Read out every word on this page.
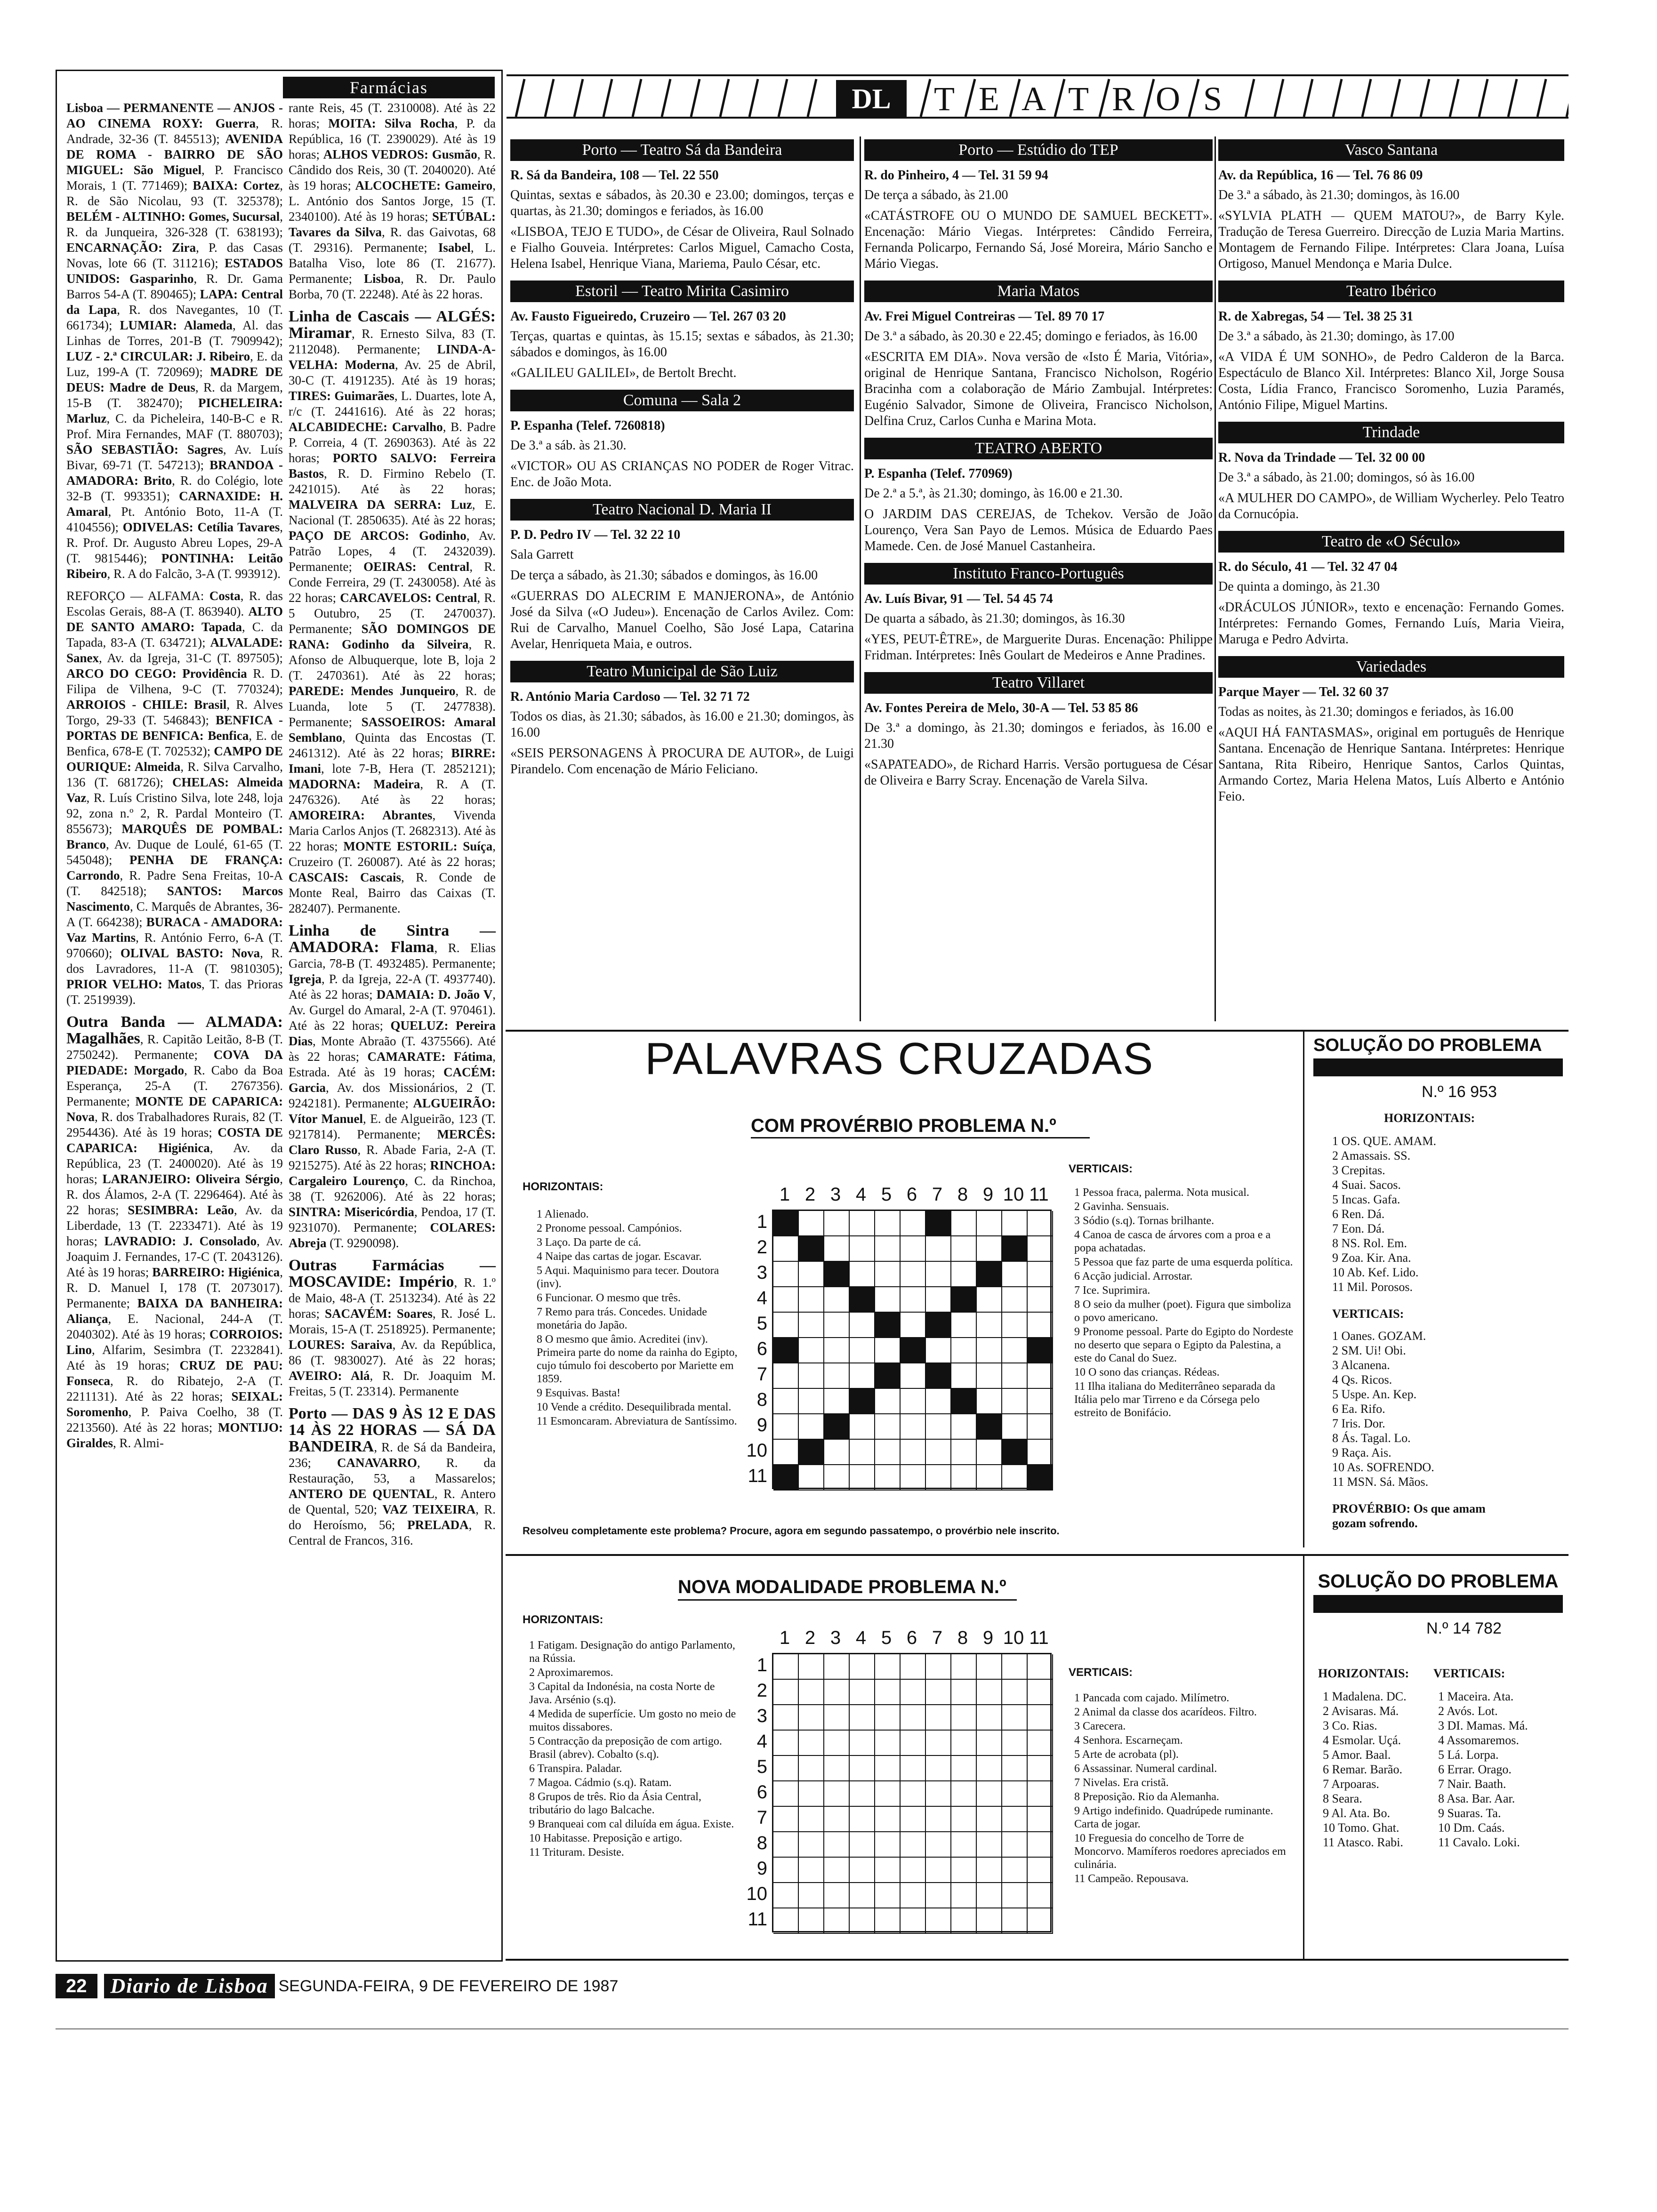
Farmácias

Lisboa — PERMANENTE — ANJOS - AO CINEMA ROXY: Guerra, R. Andrade, 32-36 (T. 845513); AVENIDA DE ROMA - BAIRRO DE SÃO MIGUEL: São Miguel, P. Francisco Morais, 1 (T. 771469); BAIXA: Cortez, R. de São Nicolau, 93 (T. 325378); BELÉM - ALTINHO: Gomes, Sucursal, R. da Junqueira, 326-328 (T. 638193); ENCARNAÇÃO: Zira, P. das Casas Novas, lote 66 (T. 311216); ESTADOS UNIDOS: Gasparinho, R. Dr. Gama Barros 54-A (T. 890465); LAPA: Central da Lapa, R. dos Navegantes, 10 (T. 661734); LUMIAR: Alameda, Al. das Linhas de Torres, 201-B (T. 7909942); LUZ - 2.ª CIRCULAR: J. Ribeiro, E. da Luz, 199-A (T. 720969); MADRE DE DEUS: Madre de Deus, R. da Margem, 15-B (T. 382470); PICHELEIRA: Marluz, C. da Picheleira, 140-B-C e R. Prof. Mira Fernandes, MAF (T. 880703); SÃO SEBASTIÃO: Sagres, Av. Luís Bivar, 69-71 (T. 547213); BRANDOA - AMADORA: Brito, R. do Colégio, lote 32-B (T. 993351); CARNAXIDE: H. Amaral, Pt. António Boto, 11-A (T. 4104556); ODIVELAS: Cetília Tavares, R. Prof. Dr. Augusto Abreu Lopes, 29-A (T. 9815446); PONTINHA: Leitão Ribeiro, R. A do Falcão, 3-A (T. 993912).

REFORÇO — ALFAMA: Costa, R. das Escolas Gerais, 88-A (T. 863940). ALTO DE SANTO AMARO: Tapada, C. da Tapada, 83-A (T. 634721); ALVALADE: Sanex, Av. da Igreja, 31-C (T. 897505); ARCO DO CEGO: Providência R. D. Filipa de Vilhena, 9-C (T. 770324); ARROIOS - CHILE: Brasil, R. Alves Torgo, 29-33 (T. 546843); BENFICA - PORTAS DE BENFICA: Benfica, E. de Benfica, 678-E (T. 702532); CAMPO DE OURIQUE: Almeida, R. Silva Carvalho, 136 (T. 681726); CHELAS: Almeida Vaz, R. Luís Cristino Silva, lote 248, loja 92, zona n.º 2, R. Pardal Monteiro (T. 855673); MARQUÊS DE POMBAL: Branco, Av. Duque de Loulé, 61-65 (T. 545048); PENHA DE FRANÇA: Carrondo, R. Padre Sena Freitas, 10-A (T. 842518); SANTOS: Marcos Nascimento, C. Marquês de Abrantes, 36-A (T. 664238); BURACA - AMADORA: Vaz Martins, R. António Ferro, 6-A (T. 970660); OLIVAL BASTO: Nova, R. dos Lavradores, 11-A (T. 9810305); PRIOR VELHO: Matos, T. das Prioras (T. 2519939).

Outra Banda — ALMADA: Magalhães, R. Capitão Leitão, 8-B (T. 2750242). Permanente; COVA DA PIEDADE: Morgado, R. Cabo da Boa Esperança, 25-A (T. 2767356). Permanente; MONTE DE CAPARICA: Nova, R. dos Trabalhadores Rurais, 82 (T. 2954436). Até às 19 horas; COSTA DE CAPARICA: Higiénica, Av. da República, 23 (T. 2400020). Até às 19 horas; LARANJEIRO: Oliveira Sérgio, R. dos Álamos, 2-A (T. 2296464). Até às 22 horas; SESIMBRA: Leão, Av. da Liberdade, 13 (T. 2233471). Até às 19 horas; LAVRADIO: J. Consolado, Av. Joaquim J. Fernandes, 17-C (T. 2043126). Até às 19 horas; BARREIRO: Higiénica, R. D. Manuel I, 178 (T. 2073017). Permanente; BAIXA DA BANHEIRA: Aliança, E. Nacional, 244-A (T. 2040302). Até às 19 horas; CORROIOS: Lino, Alfarim, Sesimbra (T. 2232841). Até às 19 horas; CRUZ DE PAU: Fonseca, R. do Ribatejo, 2-A (T. 2211131). Até às 22 horas; SEIXAL: Soromenho, P. Paiva Coelho, 38 (T. 2213560). Até às 22 horas; MONTIJO: Giraldes, R. Almi-

rante Reis, 45 (T. 2310008). Até às 22 horas; MOITA: Silva Rocha, P. da República, 16 (T. 2390029). Até às 19 horas; ALHOS VEDROS: Gusmão, R. Cândido dos Reis, 30 (T. 2040020). Até às 19 horas; ALCOCHETE: Gameiro, L. António dos Santos Jorge, 15 (T. 2340100). Até às 19 horas; SETÚBAL: Tavares da Silva, R. das Gaivotas, 68 (T. 29316). Permanente; Isabel, L. Batalha Viso, lote 86 (T. 21677). Permanente; Lisboa, R. Dr. Paulo Borba, 70 (T. 22248). Até às 22 horas.

Linha de Cascais — ALGÉS: Miramar, R. Ernesto Silva, 83 (T. 2112048). Permanente; LINDA-A-VELHA: Moderna, Av. 25 de Abril, 30-C (T. 4191235). Até às 19 horas; TIRES: Guimarães, L. Duartes, lote A, r/c (T. 2441616). Até às 22 horas; ALCABIDECHE: Carvalho, B. Padre P. Correia, 4 (T. 2690363). Até às 22 horas; PORTO SALVO: Ferreira Bastos, R. D. Firmino Rebelo (T. 2421015). Até às 22 horas; MALVEIRA DA SERRA: Luz, E. Nacional (T. 2850635). Até às 22 horas; PAÇO DE ARCOS: Godinho, Av. Patrão Lopes, 4 (T. 2432039). Permanente; OEIRAS: Central, R. Conde Ferreira, 29 (T. 2430058). Até às 22 horas; CARCAVELOS: Central, R. 5 Outubro, 25 (T. 2470037). Permanente; SÃO DOMINGOS DE RANA: Godinho da Silveira, R. Afonso de Albuquerque, lote B, loja 2 (T. 2470361). Até às 22 horas; PAREDE: Mendes Junqueiro, R. de Luanda, lote 5 (T. 2477838). Permanente; SASSOEIROS: Amaral Semblano, Quinta das Encostas (T. 2461312). Até às 22 horas; BIRRE: Imani, lote 7-B, Hera (T. 2852121); MADORNA: Madeira, R. A (T. 2476326). Até às 22 horas; AMOREIRA: Abrantes, Vivenda Maria Carlos Anjos (T. 2682313). Até às 22 horas; MONTE ESTORIL: Suíça, Cruzeiro (T. 260087). Até às 22 horas; CASCAIS: Cascais, R. Conde de Monte Real, Bairro das Caixas (T. 282407). Permanente.

Linha de Sintra — AMADORA: Flama, R. Elias Garcia, 78-B (T. 4932485). Permanente; Igreja, P. da Igreja, 22-A (T. 4937740). Até às 22 horas; DAMAIA: D. João V, Av. Gurgel do Amaral, 2-A (T. 970461). Até às 22 horas; QUELUZ: Pereira Dias, Monte Abraão (T. 4375566). Até às 22 horas; CAMARATE: Fátima, Estrada. Até às 19 horas; CACÉM: Garcia, Av. dos Missionários, 2 (T. 9242181). Permanente; ALGUEIRÃO: Vítor Manuel, E. de Algueirão, 123 (T. 9217814). Permanente; MERCÊS: Claro Russo, R. Abade Faria, 2-A (T. 9215275). Até às 22 horas; RINCHOA: Cargaleiro Lourenço, C. da Rinchoa, 38 (T. 9262006). Até às 22 horas; SINTRA: Misericórdia, Pendoa, 17 (T. 9231070). Permanente; COLARES: Abreja (T. 9290098).

Outras Farmácias — MOSCAVIDE: Império, R. 1.º de Maio, 48-A (T. 2513234). Até às 22 horas; SACAVÉM: Soares, R. José L. Morais, 15-A (T. 2518925). Permanente; LOURES: Saraiva, Av. da República, 86 (T. 9830027). Até às 22 horas; AVEIRO: Alá, R. Dr. Joaquim M. Freitas, 5 (T. 23314). Permanente

Porto — DAS 9 ÀS 12 E DAS 14 ÀS 22 HORAS — SÁ DA BANDEIRA, R. de Sá da Bandeira, 236; CANAVARRO, R. da Restauração, 53, a Massarelos; ANTERO DE QUENTAL, R. Antero de Quental, 520; VAZ TEIXEIRA, R. do Heroísmo, 56; PRELADA, R. Central de Francos, 316.

DL T E A T R O S
Porto — Teatro Sá da Bandeira
R. Sá da Bandeira, 108 — Tel. 22 550
Quintas, sextas e sábados, às 20.30 e 23.00; domingos, terças e quartas, às 21.30; domingos e feriados, às 16.00
«LISBOA, TEJO E TUDO», de César de Oliveira, Raul Solnado e Fialho Gouveia. Intérpretes: Carlos Miguel, Camacho Costa, Helena Isabel, Henrique Viana, Mariema, Paulo César, etc.
Estoril — Teatro Mirita Casimiro
Av. Fausto Figueiredo, Cruzeiro — Tel. 267 03 20
Terças, quartas e quintas, às 15.15; sextas e sábados, às 21.30; sábados e domingos, às 16.00
«GALILEU GALILEI», de Bertolt Brecht.
Comuna — Sala 2
P. Espanha (Telef. 7260818)
De 3.ª a sáb. às 21.30.
«VICTOR» OU AS CRIANÇAS NO PODER de Roger Vitrac. Enc. de João Mota.
Teatro Nacional D. Maria II
P. D. Pedro IV — Tel. 32 22 10
Sala Garrett
De terça a sábado, às 21.30; sábados e domingos, às 16.00
«GUERRAS DO ALECRIM E MANJERONA», de António José da Silva («O Judeu»). Encenação de Carlos Avilez. Com: Rui de Carvalho, Manuel Coelho, São José Lapa, Catarina Avelar, Henriqueta Maia, e outros.
Teatro Municipal de São Luiz
R. António Maria Cardoso — Tel. 32 71 72
Todos os dias, às 21.30; sábados, às 16.00 e 21.30; domingos, às 16.00
«SEIS PERSONAGENS À PROCURA DE AUTOR», de Luigi Pirandelo. Com encenação de Mário Feliciano.
Porto — Estúdio do TEP
R. do Pinheiro, 4 — Tel. 31 59 94
De terça a sábado, às 21.00
«CATÁSTROFE OU O MUNDO DE SAMUEL BECKETT». Encenação: Mário Viegas. Intérpretes: Cândido Ferreira, Fernanda Policarpo, Fernando Sá, José Moreira, Mário Sancho e Mário Viegas.
Maria Matos
Av. Frei Miguel Contreiras — Tel. 89 70 17
De 3.ª a sábado, às 20.30 e 22.45; domingo e feriados, às 16.00
«ESCRITA EM DIA». Nova versão de «Isto É Maria, Vitória», original de Henrique Santana, Francisco Nicholson, Rogério Bracinha com a colaboração de Mário Zambujal. Intérpretes: Eugénio Salvador, Simone de Oliveira, Francisco Nicholson, Delfina Cruz, Carlos Cunha e Marina Mota.
TEATRO ABERTO
P. Espanha (Telef. 770969)
De 2.ª a 5.ª, às 21.30; domingo, às 16.00 e 21.30.
O JARDIM DAS CEREJAS, de Tchekov. Versão de João Lourenço, Vera San Payo de Lemos. Música de Eduardo Paes Mamede. Cen. de José Manuel Castanheira.
Instituto Franco-Português
Av. Luís Bivar, 91 — Tel. 54 45 74
De quarta a sábado, às 21.30; domingos, às 16.30
«YES, PEUT-ÊTRE», de Marguerite Duras. Encenação: Philippe Fridman. Intérpretes: Inês Goulart de Medeiros e Anne Pradines.
Teatro Villaret
Av. Fontes Pereira de Melo, 30-A — Tel. 53 85 86
De 3.ª a domingo, às 21.30; domingos e feriados, às 16.00 e 21.30
«SAPATEADO», de Richard Harris. Versão portuguesa de César de Oliveira e Barry Scray. Encenação de Varela Silva.
Vasco Santana
Av. da República, 16 — Tel. 76 86 09
De 3.ª a sábado, às 21.30; domingos, às 16.00
«SYLVIA PLATH — QUEM MATOU?», de Barry Kyle. Tradução de Teresa Guerreiro. Direcção de Luzia Maria Martins. Montagem de Fernando Filipe. Intérpretes: Clara Joana, Luísa Ortigoso, Manuel Mendonça e Maria Dulce.
Teatro Ibérico
R. de Xabregas, 54 — Tel. 38 25 31
De 3.ª a sábado, às 21.30; domingo, às 17.00
«A VIDA É UM SONHO», de Pedro Calderon de la Barca. Espectáculo de Blanco Xil. Intérpretes: Blanco Xil, Jorge Sousa Costa, Lídia Franco, Francisco Soromenho, Luzia Paramés, António Filipe, Miguel Martins.
Trindade
R. Nova da Trindade — Tel. 32 00 00
De 3.ª a sábado, às 21.00; domingos, só às 16.00
«A MULHER DO CAMPO», de William Wycherley. Pelo Teatro da Cornucópia.
Teatro de «O Século»
R. do Século, 41 — Tel. 32 47 04
De quinta a domingo, às 21.30
«DRÁCULOS JÚNIOR», texto e encenação: Fernando Gomes. Intérpretes: Fernando Gomes, Fernando Luís, Maria Vieira, Maruga e Pedro Advirta.
Variedades
Parque Mayer — Tel. 32 60 37
Todas as noites, às 21.30; domingos e feriados, às 16.00
«AQUI HÁ FANTASMAS», original em português de Henrique Santana. Encenação de Henrique Santana. Intérpretes: Henrique Santana, Rita Ribeiro, Henrique Santos, Carlos Quintas, Armando Cortez, Maria Helena Matos, Luís Alberto e António Feio.
PALAVRAS CRUZADAS
COM PROVÉRBIO PROBLEMA N.º
HORIZONTAIS:
1 Alienado.
2 Pronome pessoal. Campónios.
3 Laço. Da parte de cá.
4 Naipe das cartas de jogar. Escavar.
5 Aqui. Maquinismo para tecer. Doutora (inv).
6 Funcionar. O mesmo que três.
7 Remo para trás. Concedes. Unidade monetária do Japão.
8 O mesmo que âmio. Acreditei (inv). Primeira parte do nome da rainha do Egipto, cujo túmulo foi descoberto por Mariette em 1859.
9 Esquivas. Basta!
10 Vende a crédito. Desequilibrada mental.
11 Esmoncaram. Abreviatura de Santíssimo.
VERTICAIS:
1 Pessoa fraca, palerma. Nota musical.
2 Gavinha. Sensuais.
3 Sódio (s.q). Tornas brilhante.
4 Canoa de casca de árvores com a proa e a popa achatadas.
5 Pessoa que faz parte de uma esquerda política.
6 Acção judicial. Arrostar.
7 Ice. Suprimira.
8 O seio da mulher (poet). Figura que simboliza o povo americano.
9 Pronome pessoal. Parte do Egipto do Nordeste no deserto que separa o Egipto da Palestina, a este do Canal do Suez.
10 O sono das crianças. Rédeas.
11 Ilha italiana do Mediterrâneo separada da Itália pelo mar Tirreno e da Córsega pelo estreito de Bonifácio.
1 2 3 4 5 6 7 8 9 10 11
1
2
3
4
5
6
7
8
9
10
11
Resolveu completamente este problema? Procure, agora em segundo passatempo, o provérbio nele inscrito.
SOLUÇÃO DO PROBLEMA
N.º 16 953
HORIZONTAIS:
1 OS. QUE. AMAM.
2 Amassais. SS.
3 Crepitas.
4 Suai. Sacos.
5 Incas. Gafa.
6 Ren. Dá.
7 Eon. Dá.
8 NS. Rol. Em.
9 Zoa. Kir. Ana.
10 Ab. Kef. Lido.
11 Mil. Porosos.
VERTICAIS:
1 Oanes. GOZAM.
2 SM. Ui! Obi.
3 Alcanena.
4 Qs. Ricos.
5 Uspe. An. Kep.
6 Ea. Rifo.
7 Iris. Dor.
8 Ás. Tagal. Lo.
9 Raça. Ais.
10 As. SOFRENDO.
11 MSN. Sá. Mãos.
PROVÉRBIO: Os que amam gozam sofrendo.
NOVA MODALIDADE PROBLEMA N.º
HORIZONTAIS:
1 Fatigam. Designação do antigo Parlamento, na Rússia.
2 Aproximaremos.
3 Capital da Indonésia, na costa Norte de Java. Arsénio (s.q).
4 Medida de superfície. Um gosto no meio de muitos dissabores.
5 Contracção da preposição de com artigo. Brasil (abrev). Cobalto (s.q).
6 Transpira. Paladar.
7 Magoa. Cádmio (s.q). Ratam.
8 Grupos de três. Rio da Ásia Central, tributário do lago Balcache.
9 Branqueai com cal diluída em água. Existe.
10 Habitasse. Preposição e artigo.
11 Trituram. Desiste.
VERTICAIS:
1 Pancada com cajado. Milímetro.
2 Animal da classe dos acarídeos. Filtro.
3 Carecera.
4 Senhora. Escarneçam.
5 Arte de acrobata (pl).
6 Assassinar. Numeral cardinal.
7 Nivelas. Era cristã.
8 Preposição. Rio da Alemanha.
9 Artigo indefinido. Quadrúpede ruminante. Carta de jogar.
10 Freguesia do concelho de Torre de Moncorvo. Mamíferos roedores apreciados em culinária.
11 Campeão. Repousava.
1 2 3 4 5 6 7 8 9 10 11
1
2
3
4
5
6
7
8
9
10
11
SOLUÇÃO DO PROBLEMA
N.º 14 782
HORIZONTAIS:
1 Madalena. DC.
2 Avisaras. Má.
3 Co. Rias.
4 Esmolar. Uçá.
5 Amor. Baal.
6 Remar. Barão.
7 Arpoaras.
8 Seara.
9 Al. Ata. Bo.
10 Tomo. Ghat.
11 Atasco. Rabi.
VERTICAIS:
1 Maceira. Ata.
2 Avós. Lot.
3 DI. Mamas. Má.
4 Assomaremos.
5 Lá. Lorpa.
6 Errar. Orago.
7 Nair. Baath.
8 Asa. Bar. Aar.
9 Suaras. Ta.
10 Dm. Caás.
11 Cavalo. Loki.
22	Diario de Lisboa SEGUNDA-FEIRA, 9 DE FEVEREIRO DE 1987
